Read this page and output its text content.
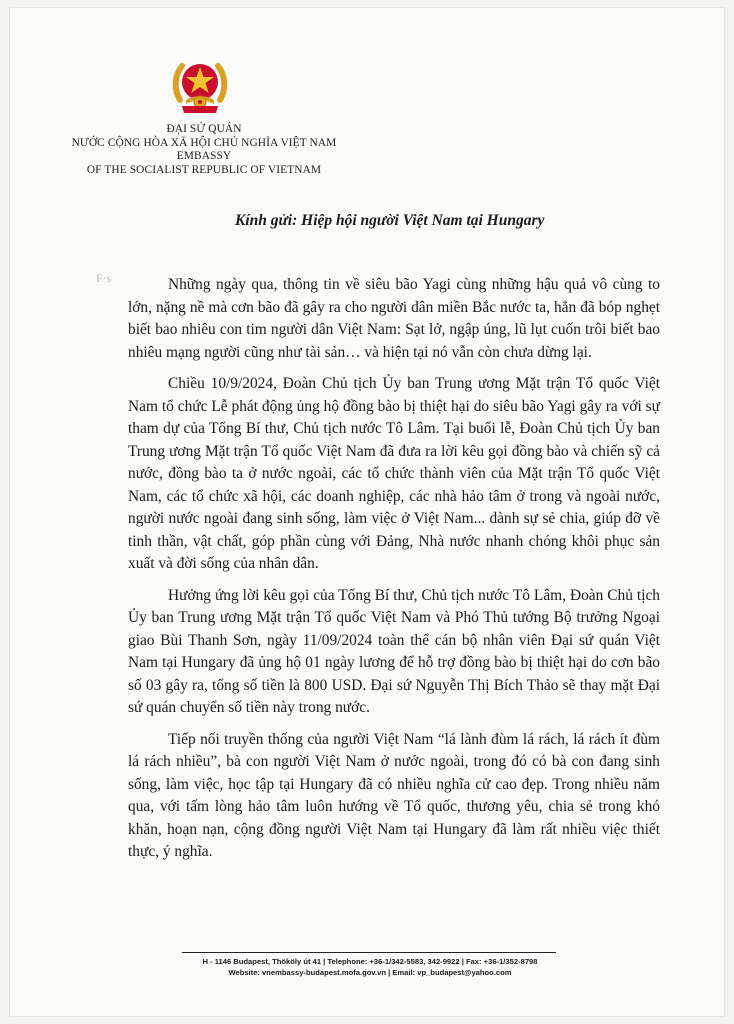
ĐẠI SỨ QUÁN
NƯỚC CỘNG HÒA XÃ HỘI CHỦ NGHĨA VIỆT NAM
EMBASSY
OF THE SOCIALIST REPUBLIC OF VIETNAM
Kính gửi: Hiệp hội người Việt Nam tại Hungary
F·s	Những ngày qua, thông tin về siêu bão Yagi cùng những hậu quả vô cùng to lớn, nặng nề mà cơn bão đã gây ra cho người dân miền Bắc nước ta, hẳn đã bóp nghẹt biết bao nhiêu con tim người dân Việt Nam: Sạt lở, ngập úng, lũ lụt cuốn trôi biết bao nhiêu mạng người cũng như tài sản… và hiện tại nó vẫn còn chưa dừng lại.

Chiều 10/9/2024, Đoàn Chủ tịch Ủy ban Trung ương Mặt trận Tổ quốc Việt Nam tổ chức Lễ phát động ủng hộ đồng bào bị thiệt hại do siêu bão Yagi gây ra với sự tham dự của Tổng Bí thư, Chủ tịch nước Tô Lâm. Tại buổi lễ, Đoàn Chủ tịch Ủy ban Trung ương Mặt trận Tổ quốc Việt Nam đã đưa ra lời kêu gọi đồng bào và chiến sỹ cả nước, đồng bào ta ở nước ngoài, các tổ chức thành viên của Mặt trận Tổ quốc Việt Nam, các tổ chức xã hội, các doanh nghiệp, các nhà hảo tâm ở trong và ngoài nước, người nước ngoài đang sinh sống, làm việc ở Việt Nam... dành sự sẻ chia, giúp đỡ về tinh thần, vật chất, góp phần cùng với Đảng, Nhà nước nhanh chóng khôi phục sản xuất và đời sống của nhân dân.

Hưởng ứng lời kêu gọi của Tổng Bí thư, Chủ tịch nước Tô Lâm, Đoàn Chủ tịch Ủy ban Trung ương Mặt trận Tổ quốc Việt Nam và Phó Thủ tướng Bộ trưởng Ngoại giao Bùi Thanh Sơn, ngày 11/09/2024 toàn thể cán bộ nhân viên Đại sứ quán Việt Nam tại Hungary đã ủng hộ 01 ngày lương để hỗ trợ đồng bào bị thiệt hại do cơn bão số 03 gây ra, tổng số tiền là 800 USD. Đại sứ Nguyễn Thị Bích Thảo sẽ thay mặt Đại sứ quán chuyển số tiền này trong nước.

Tiếp nối truyền thống của người Việt Nam “lá lành đùm lá rách, lá rách ít đùm lá rách nhiều”, bà con người Việt Nam ở nước ngoài, trong đó có bà con đang sinh sống, làm việc, học tập tại Hungary đã có nhiều nghĩa cử cao đẹp. Trong nhiều năm qua, với tấm lòng hảo tâm luôn hướng về Tổ quốc, thương yêu, chia sẻ trong khó khăn, hoạn nạn, cộng đồng người Việt Nam tại Hungary đã làm rất nhiều việc thiết thực, ý nghĩa.

H - 1146 Budapest, Thököly út 41 | Telephone: +36-1/342-5583, 342-9922 | Fax: +36-1/352-8798
Website: vnembassy-budapest.mofa.gov.vn | Email: vp_budapest@yahoo.com
